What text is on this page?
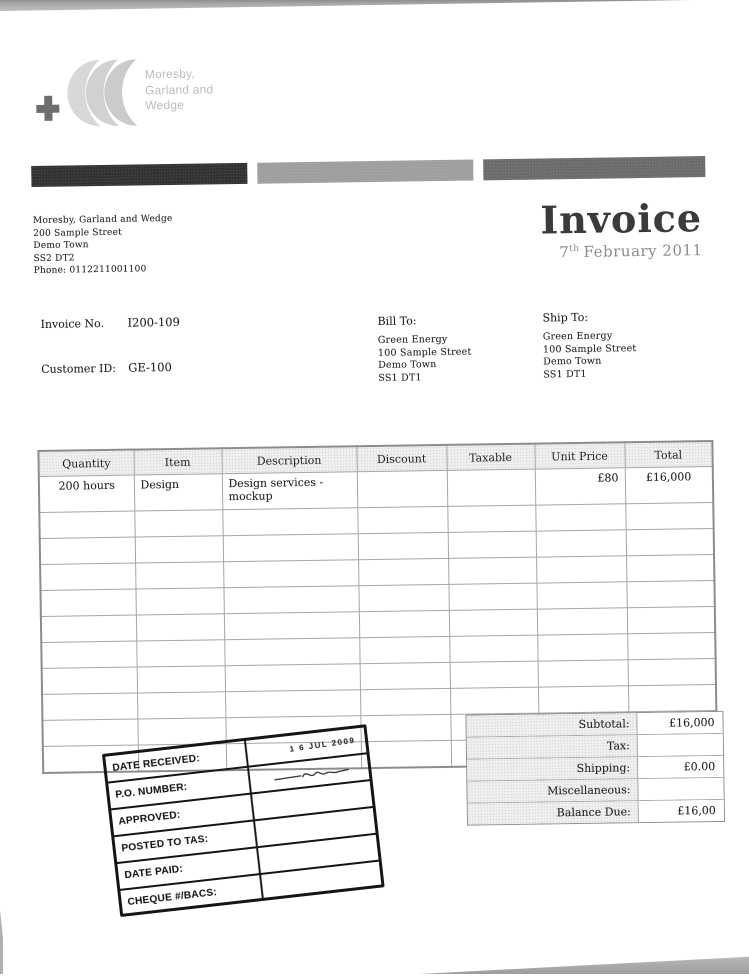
Moresby,
Garland and
Wedge
Moresby, Garland and Wedge
200 Sample Street
Demo Town
SS2 DT2
Phone: 0112211001100
Invoice
7th February 2011
Invoice No. I200-109
Customer ID: GE-100
Bill To:
Green Energy
100 Sample Street
Demo Town
SS1 DT1
Ship To:
Green Energy
100 Sample Street
Demo Town
SS1 DT1
Quantity	Item	Description	Discount	Taxable	Unit Price	Total
200 hours	Design	Design services - mockup			£80	£16,000

Subtotal:	£16,000
Tax:
Shipping:	£0.00
Miscellaneous:
Balance Due:	£16,00
DATE RECEIVED:
1 6 JUL 2009
P.O. NUMBER:
APPROVED:
POSTED TO TAS:
DATE PAID:
CHEQUE #/BACS:
